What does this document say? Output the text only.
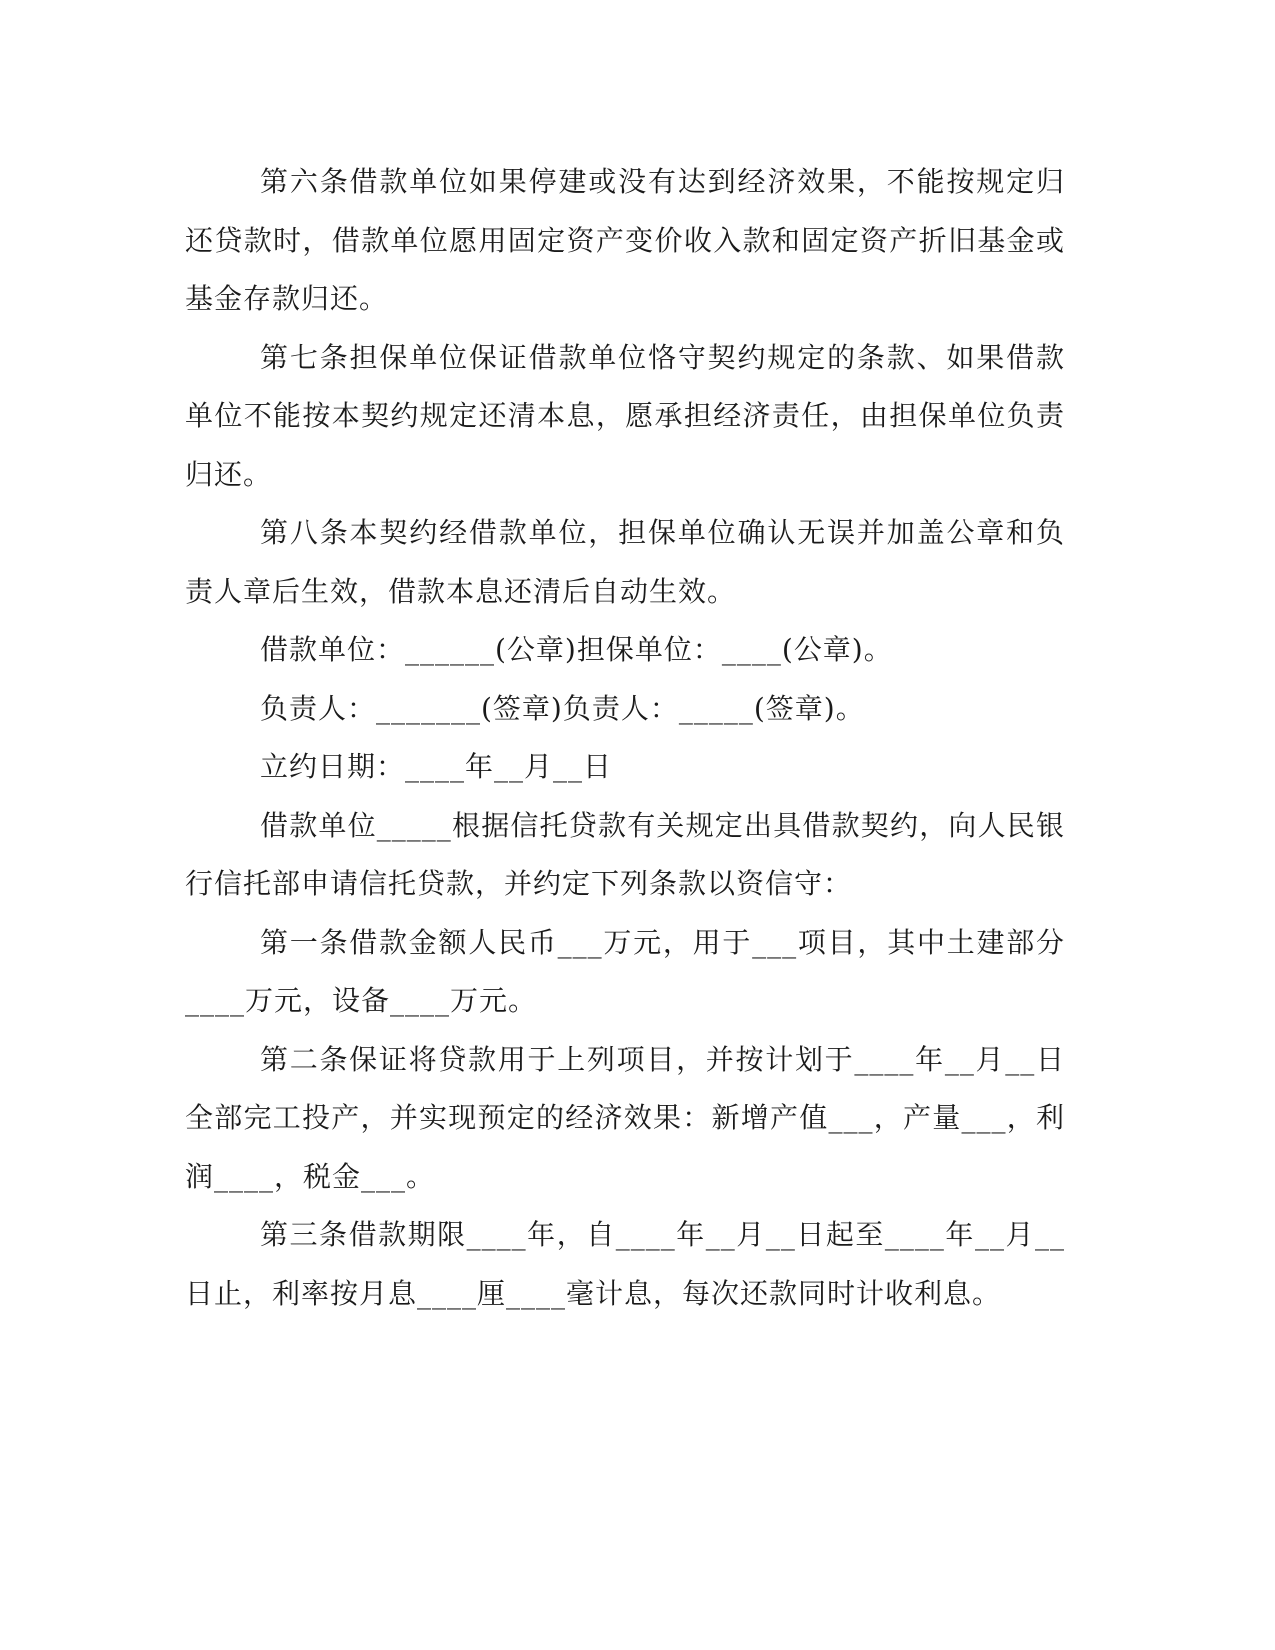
第六条借款单位如果停建或没有达到经济效果，不能按规定归还贷款时，借款单位愿用固定资产变价收入款和固定资产折旧基金或基金存款归还。

第七条担保单位保证借款单位恪守契约规定的条款、如果借款单位不能按本契约规定还清本息，愿承担经济责任，由担保单位负责归还。

第八条本契约经借款单位，担保单位确认无误并加盖公章和负责人章后生效，借款本息还清后自动生效。

借款单位：______(公章)担保单位：____(公章)。

负责人：_______(签章)负责人：_____(签章)。

立约日期：____年__月__日

借款单位_____根据信托贷款有关规定出具借款契约，向人民银行信托部申请信托贷款，并约定下列条款以资信守：

第一条借款金额人民币___万元，用于___项目，其中土建部分____万元，设备____万元。

第二条保证将贷款用于上列项目，并按计划于____年__月__日全部完工投产，并实现预定的经济效果：新增产值___，产量___，利润____，税金___。

第三条借款期限____年，自____年__月__日起至____年__月__日止，利率按月息____厘____毫计息，每次还款同时计收利息。
